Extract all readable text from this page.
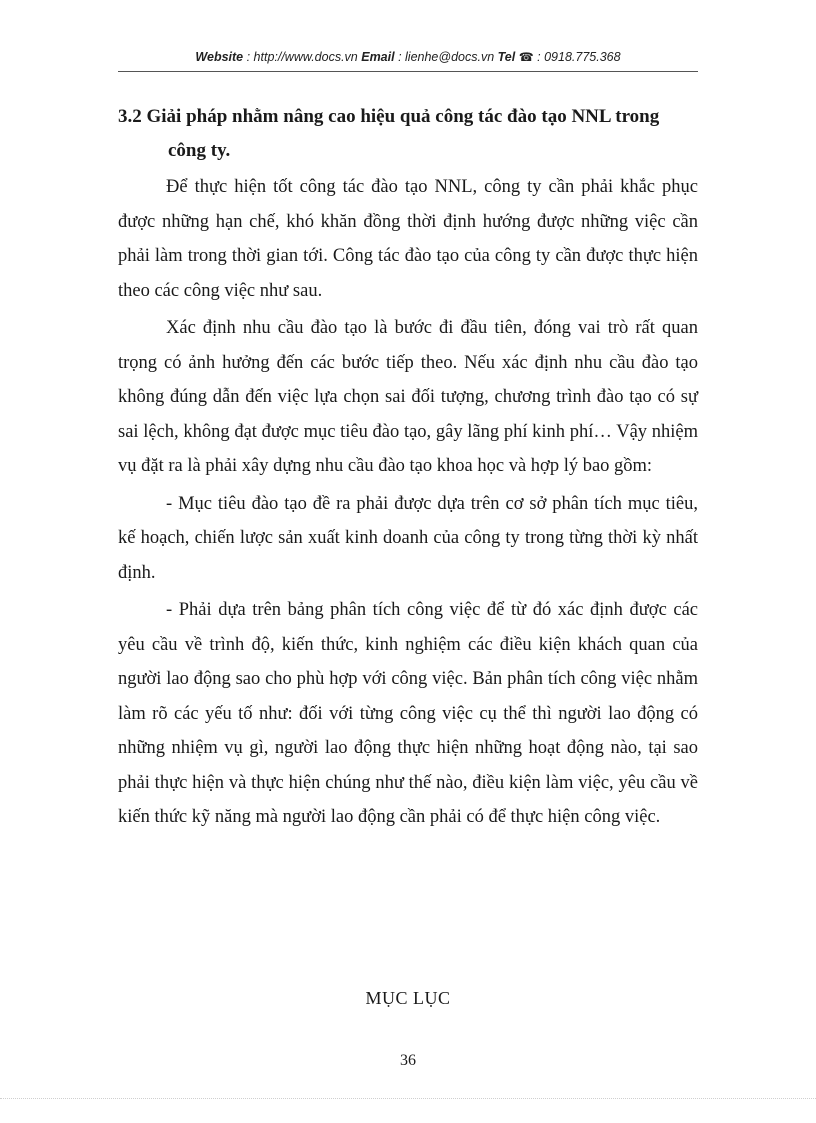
Website : http://www.docs.vn Email : lienhe@docs.vn Tel ☎ : 0918.775.368

3.2 Giải pháp nhằm nâng cao hiệu quả công tác đào tạo NNL trong công ty.

Để thực hiện tốt công tác đào tạo NNL, công ty cần phải khắc phục được những hạn chế, khó khăn đồng thời định hướng được những việc cần phải làm trong thời gian tới. Công tác đào tạo của công ty cần được thực hiện theo các công việc như sau.

Xác định nhu cầu đào tạo là bước đi đầu tiên, đóng vai trò rất quan trọng có ảnh hưởng đến các bước tiếp theo. Nếu xác định nhu cầu đào tạo không đúng dẫn đến việc lựa chọn sai đối tượng, chương trình đào tạo có sự sai lệch, không đạt được mục tiêu đào tạo, gây lãng phí kinh phí… Vậy nhiệm vụ đặt ra là phải xây dựng nhu cầu đào tạo khoa học và hợp lý bao gồm:

- Mục tiêu đào tạo đề ra phải được dựa trên cơ sở phân tích mục tiêu, kế hoạch, chiến lược sản xuất kinh doanh của công ty trong từng thời kỳ nhất định.

- Phải dựa trên bảng phân tích công việc để từ đó xác định được các yêu cầu về trình độ, kiến thức, kinh nghiệm các điều kiện khách quan của người lao động sao cho phù hợp với công việc. Bản phân tích công việc nhằm làm rõ các yếu tố như: đối với từng công việc cụ thể thì người lao động có những nhiệm vụ gì, người lao động thực hiện những hoạt động nào, tại sao phải thực hiện và thực hiện chúng như thế nào, điều kiện làm việc, yêu cầu về kiến thức kỹ năng mà người lao động cần phải có để thực hiện công việc.

MỤC LỤC
36
